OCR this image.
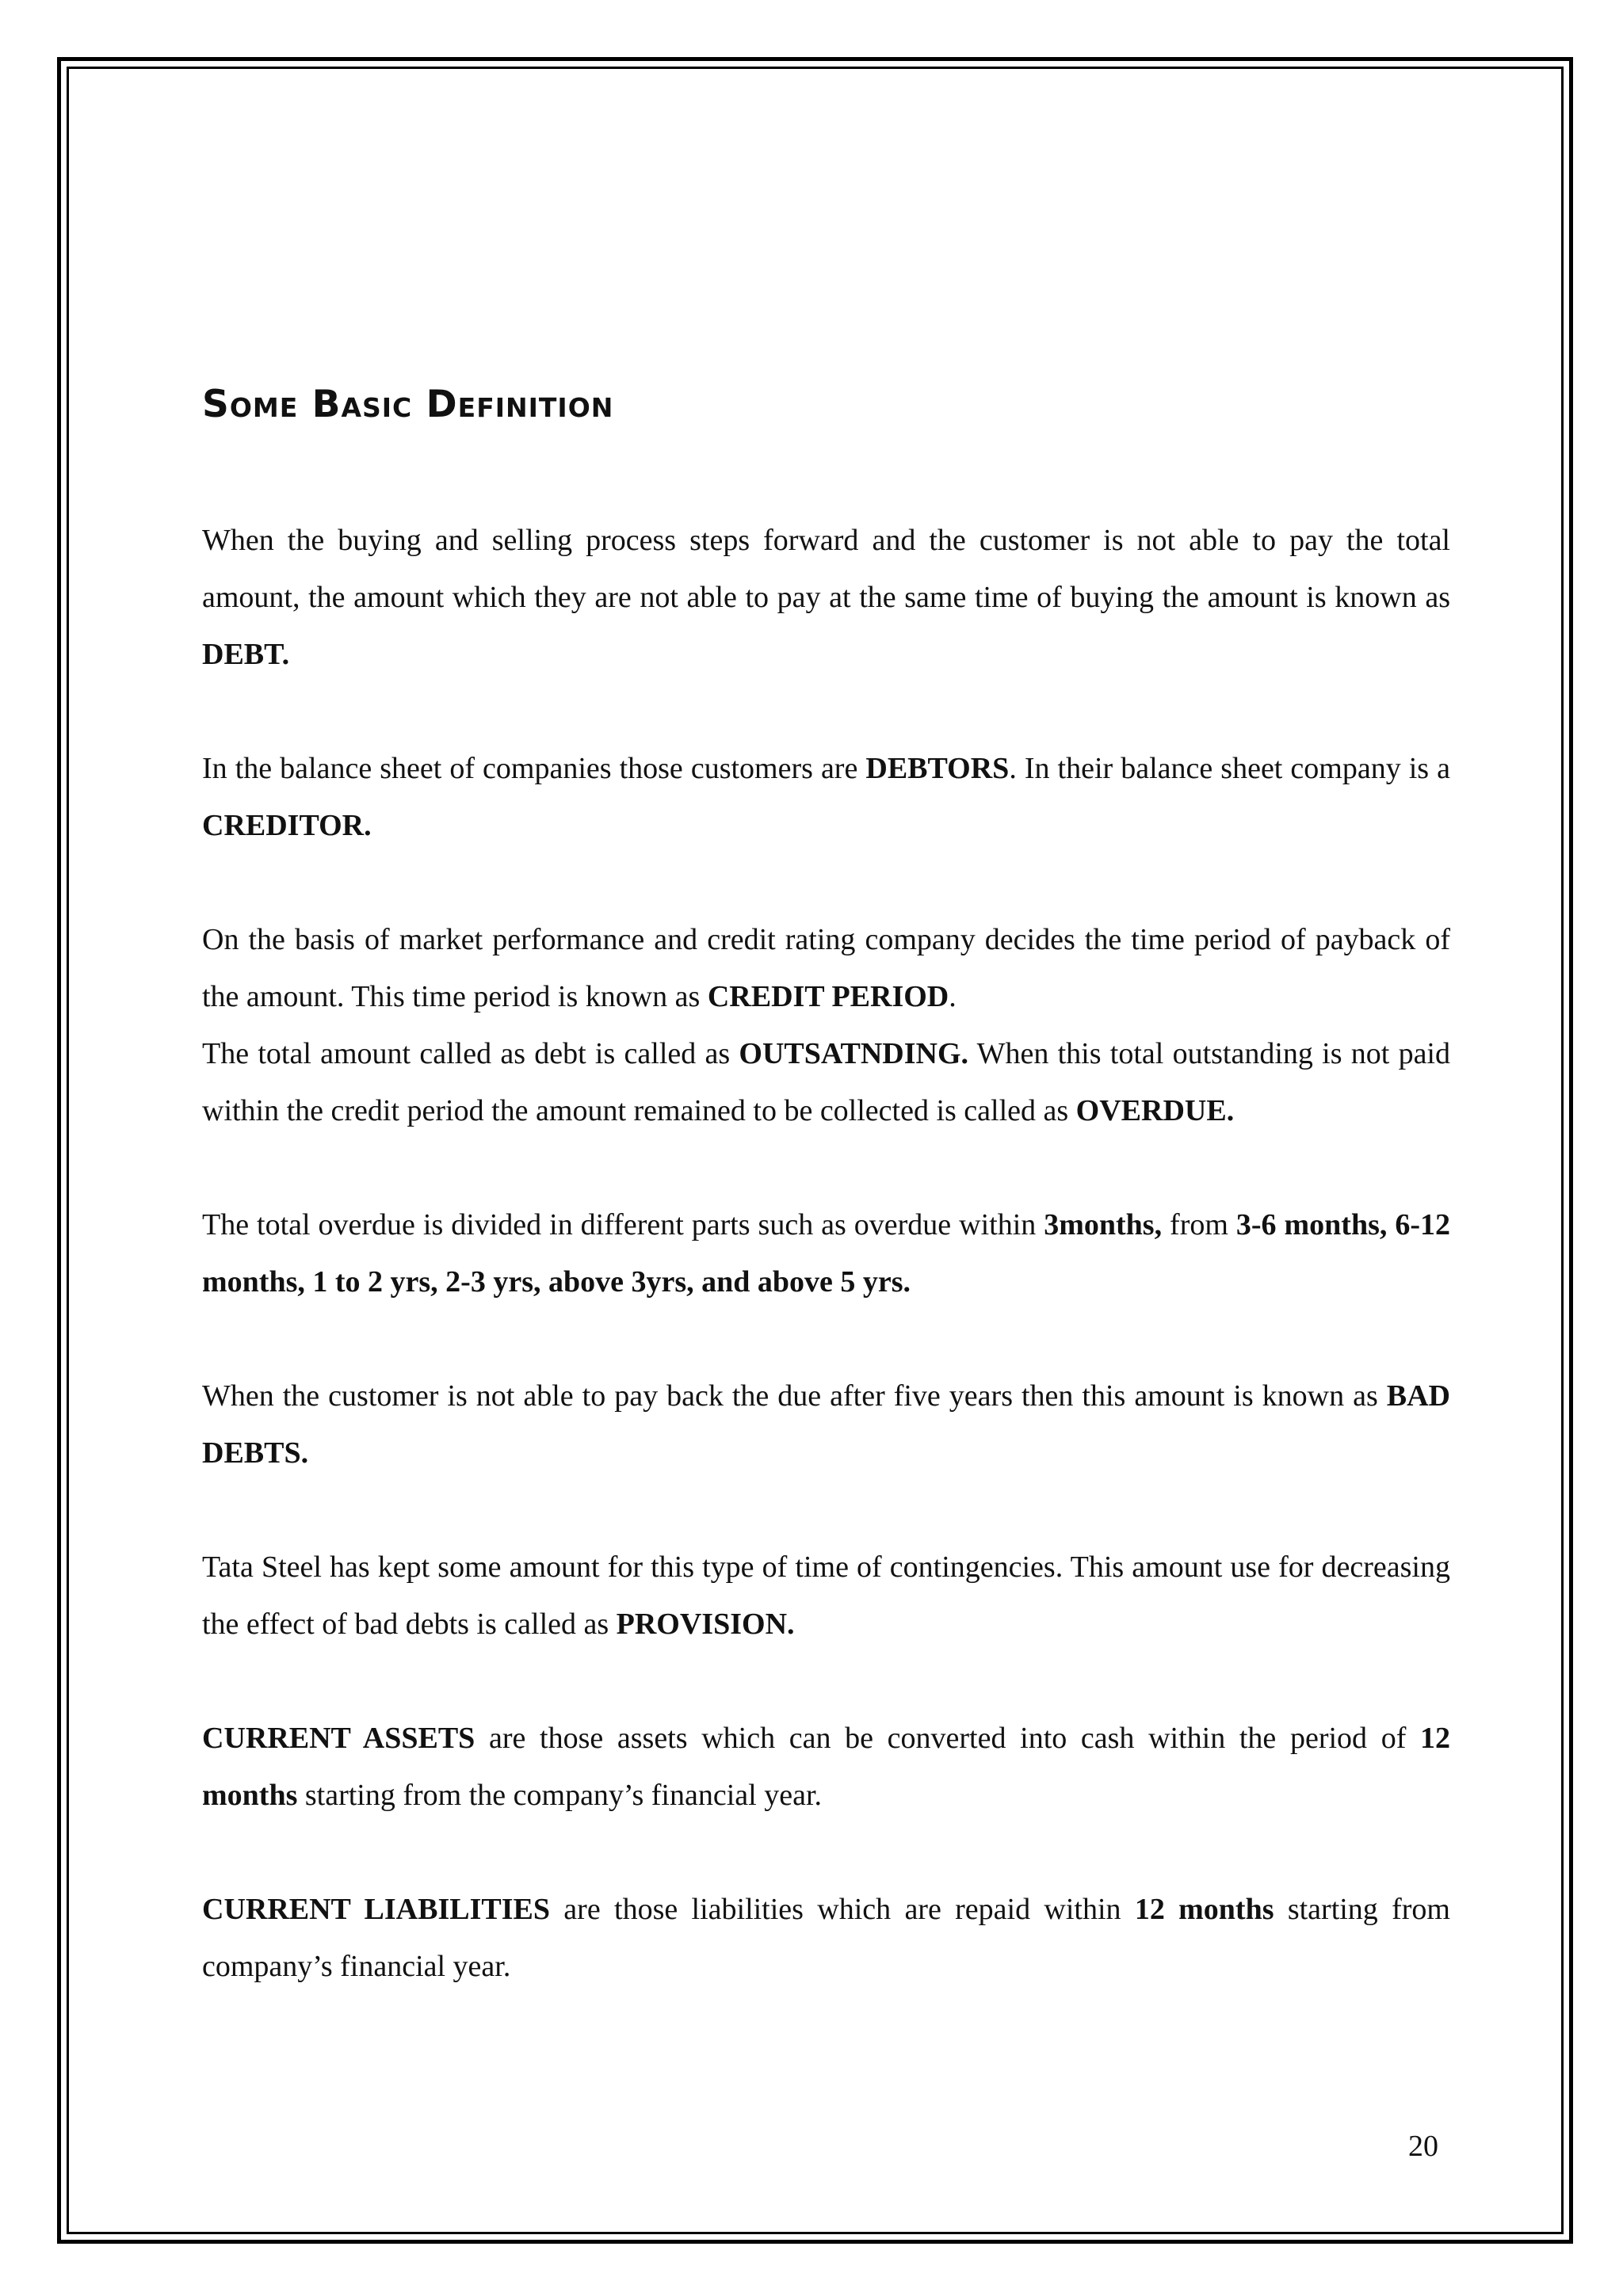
Some Basic Definition

When the buying and selling process steps forward and the customer is not able to pay the total amount, the amount which they are not able to pay at the same time of buying the amount is known as DEBT.

In the balance sheet of companies those customers are DEBTORS. In their balance sheet company is a CREDITOR.

On the basis of market performance and credit rating company decides the time period of payback of the amount. This time period is known as CREDIT PERIOD.

The total amount called as debt is called as OUTSATNDING. When this total outstanding is not paid within the credit period the amount remained to be collected is called as OVERDUE.

The total overdue is divided in different parts such as overdue within 3months, from 3-6 months, 6-12 months, 1 to 2 yrs, 2-3 yrs, above 3yrs, and above 5 yrs.

When the customer is not able to pay back the due after five years then this amount is known as BAD DEBTS.

Tata Steel has kept some amount for this type of time of contingencies. This amount use for decreasing the effect of bad debts is called as PROVISION.

CURRENT ASSETS are those assets which can be converted into cash within the period of 12 months starting from the company’s financial year.

CURRENT LIABILITIES are those liabilities which are repaid within 12 months starting from company’s financial year.

20
